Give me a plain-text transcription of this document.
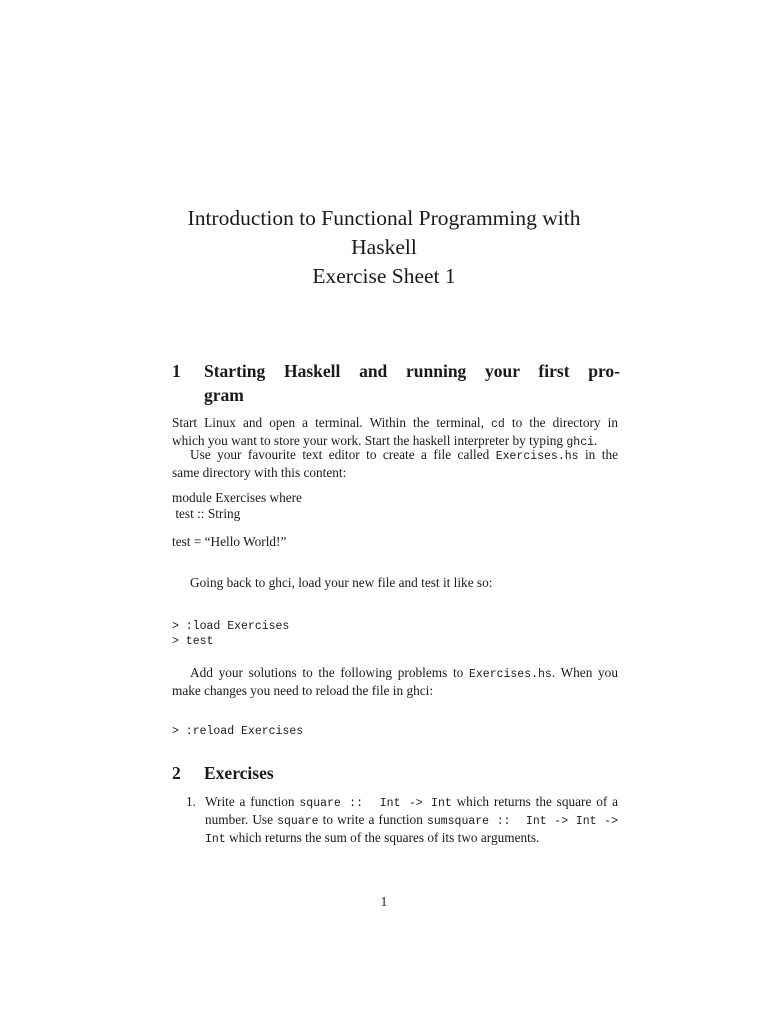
Introduction to Functional Programming with
Haskell
Exercise Sheet 1
1 Starting Haskell and running your first pro-
gram
Start Linux and open a terminal. Within the terminal, cd to the directory in
which you want to store your work. Start the haskell interpreter by typing ghci.
Use your favourite text editor to create a file called Exercises.hs in the
same directory with this content:
module Exercises where
test :: String
test = “Hello World!”
Going back to ghci, load your new file and test it like so:
> :load Exercises
> test
Add your solutions to the following problems to Exercises.hs. When you
make changes you need to reload the file in ghci:
> :reload Exercises
2 Exercises
1. Write a function square ::  Int -> Int which returns the square of a
number. Use square to write a function sumsquare ::  Int -> Int ->
Int which returns the sum of the squares of its two arguments.
1
